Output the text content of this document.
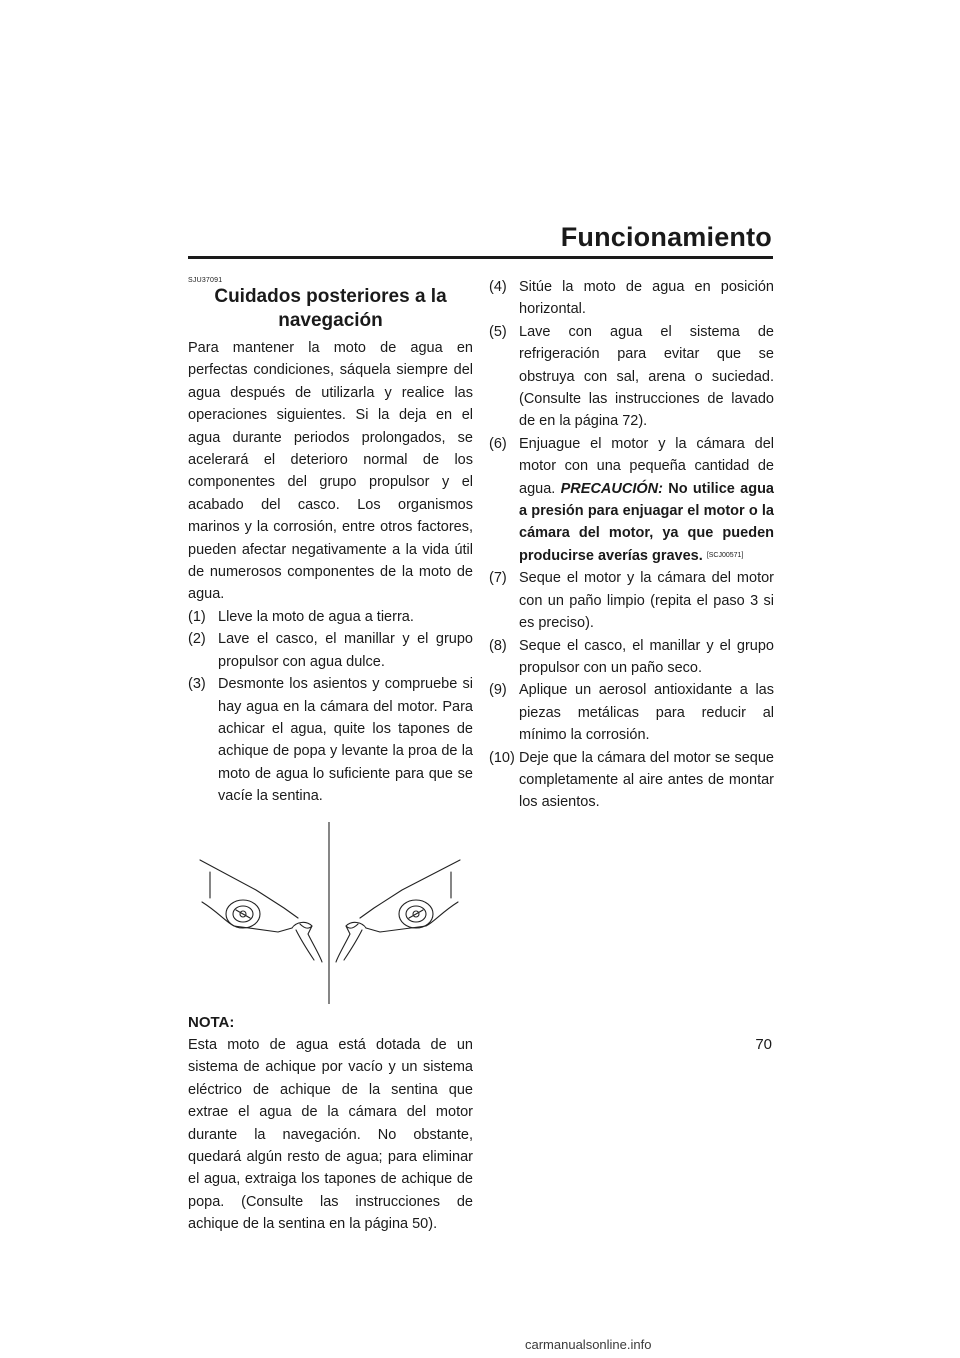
Funcionamiento
SJU37091
Cuidados posteriores a la
navegación

Para mantener la moto de agua en perfectas condiciones, sáquela siempre del agua después de utilizarla y realice las operaciones siguientes. Si la deja en el agua durante periodos prolongados, se acelerará el deterioro normal de los componentes del grupo propulsor y el acabado del casco. Los organismos marinos y la corrosión, entre otros factores, pueden afectar negativamente a la vida útil de numerosos componentes de la moto de agua.

(1) Lleve la moto de agua a tierra.
(2) Lave el casco, el manillar y el grupo propulsor con agua dulce.
(3) Desmonte los asientos y compruebe si hay agua en la cámara del motor. Para achicar el agua, quite los tapones de achique de popa y levante la proa de la moto de agua lo suficiente para que se vacíe la sentina.
NOTA:

Esta moto de agua está dotada de un sistema de achique por vacío y un sistema eléctrico de achique de la sentina que extrae el agua de la cámara del motor durante la navegación. No obstante, quedará algún resto de agua; para eliminar el agua, extraiga los tapones de achique de popa. (Consulte las instrucciones de achique de la sentina en la página 50).

(4) Sitúe la moto de agua en posición horizontal.
(5) Lave con agua el sistema de refrigeración para evitar que se obstruya con sal, arena o suciedad. (Consulte las instrucciones de lavado de en la página 72).
(6) Enjuague el motor y la cámara del motor con una pequeña cantidad de agua. PRECAUCIÓN: No utilice agua a presión para enjuagar el motor o la cámara del motor, ya que pueden producirse averías graves. [SCJ00571]
(7) Seque el motor y la cámara del motor con un paño limpio (repita el paso 3 si es preciso).
(8) Seque el casco, el manillar y el grupo propulsor con un paño seco.
(9) Aplique un aerosol antioxidante a las piezas metálicas para reducir al mínimo la corrosión.
(10) Deje que la cámara del motor se seque completamente al aire antes de montar los asientos.
70
carmanualsonline.info
